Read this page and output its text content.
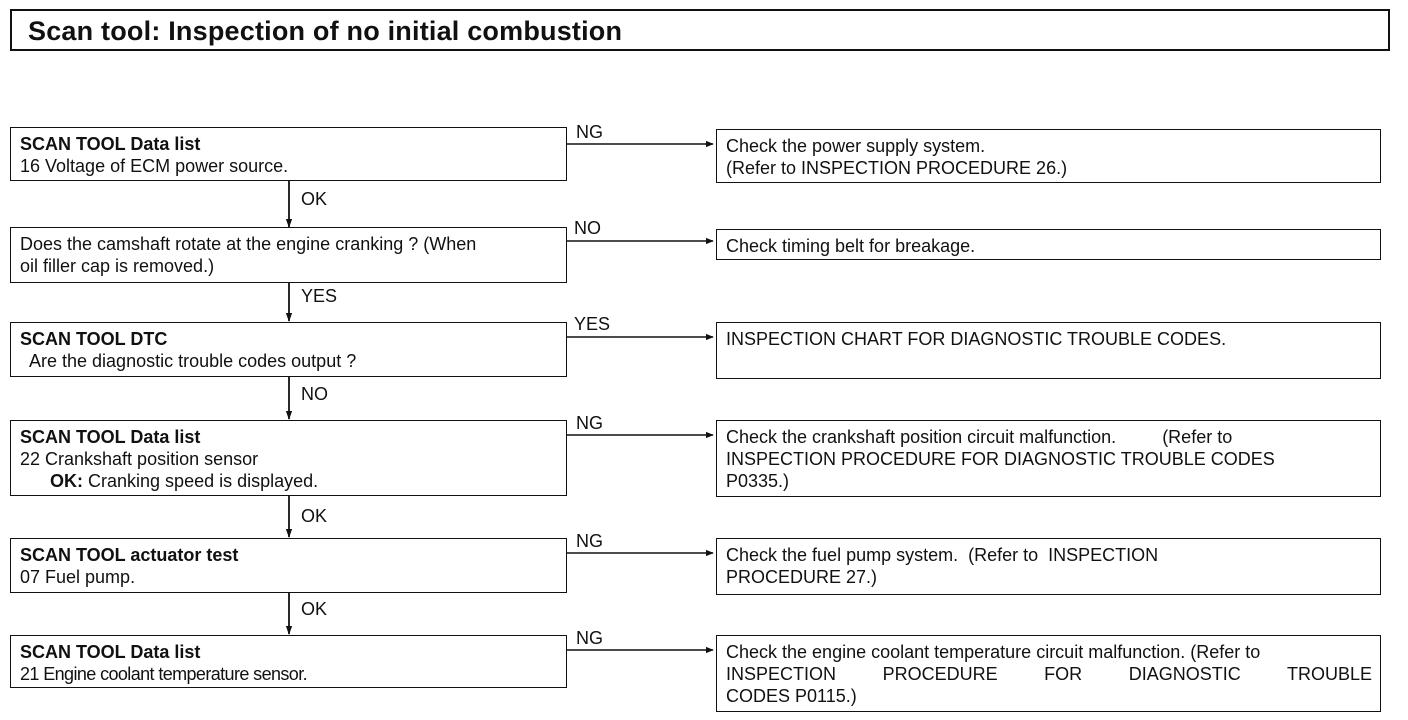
Scan tool: Inspection of no initial combustion
SCAN TOOL Data list
16 Voltage of ECM power source.
NG
Check the power supply system.
(Refer to INSPECTION PROCEDURE 26.)
OK
Does the camshaft rotate at the engine cranking ? (When
oil filler cap is removed.)
NO
Check timing belt for breakage.
YES
SCAN TOOL DTC
Are the diagnostic trouble codes output ?
YES
INSPECTION CHART FOR DIAGNOSTIC TROUBLE CODES.
NO
SCAN TOOL Data list
22 Crankshaft position sensor
OK: Cranking speed is displayed.
NG
Check the crankshaft position circuit malfunction.	(Refer to
INSPECTION PROCEDURE FOR DIAGNOSTIC TROUBLE CODES
P0335.)
OK
SCAN TOOL actuator test
07 Fuel pump.
NG
Check the fuel pump system.  (Refer to  INSPECTION
PROCEDURE 27.)
OK
SCAN TOOL Data list
21 Engine coolant temperature sensor.
NG
Check the engine coolant temperature circuit malfunction. (Refer to
INSPECTION PROCEDURE FOR DIAGNOSTIC TROUBLE
CODES P0115.)
